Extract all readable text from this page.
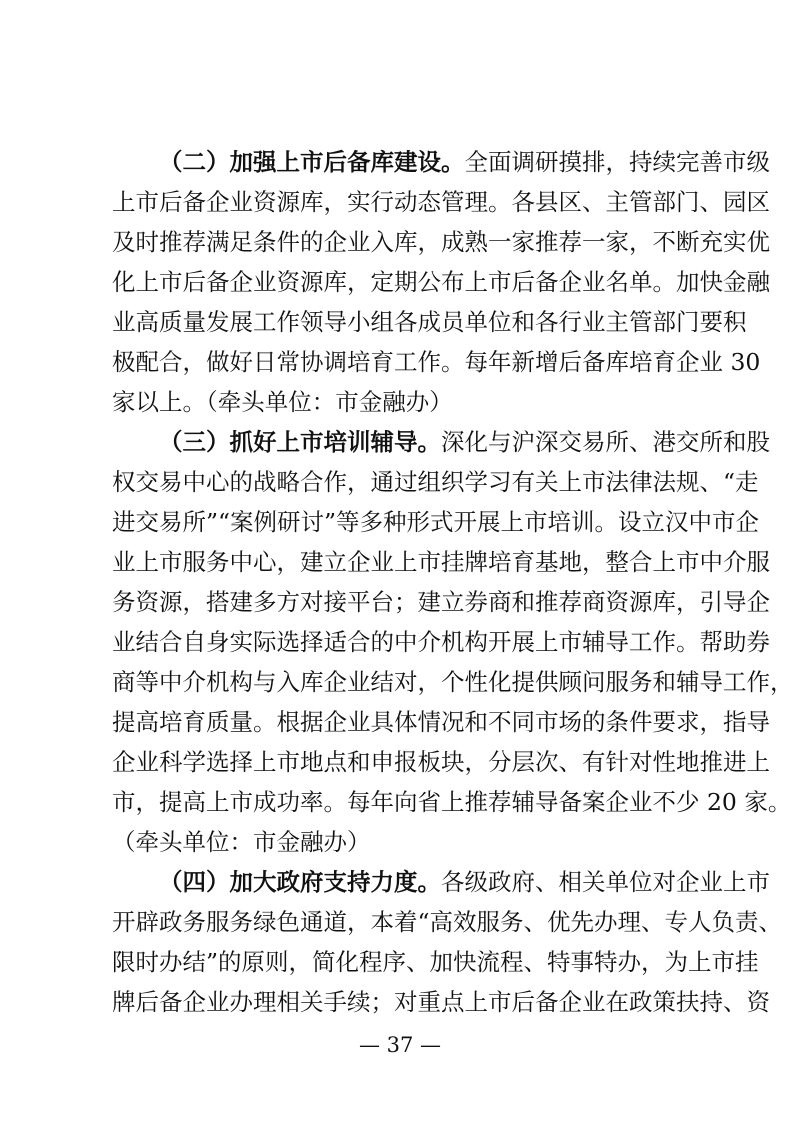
（二）加强上市后备库建设。全面调研摸排，持续完善市级
上市后备企业资源库，实行动态管理。各县区、主管部门、园区
及时推荐满足条件的企业入库，成熟一家推荐一家，不断充实优
化上市后备企业资源库，定期公布上市后备企业名单。加快金融
业高质量发展工作领导小组各成员单位和各行业主管部门要积
极配合，做好日常协调培育工作。每年新增后备库培育企业 30
家以上。（牵头单位：市金融办）
（三）抓好上市培训辅导。深化与沪深交易所、港交所和股
权交易中心的战略合作，通过组织学习有关上市法律法规、“走
进交易所”“案例研讨”等多种形式开展上市培训。设立汉中市企
业上市服务中心，建立企业上市挂牌培育基地，整合上市中介服
务资源，搭建多方对接平台；建立券商和推荐商资源库，引导企
业结合自身实际选择适合的中介机构开展上市辅导工作。帮助券
商等中介机构与入库企业结对，个性化提供顾问服务和辅导工作，
提高培育质量。根据企业具体情况和不同市场的条件要求，指导
企业科学选择上市地点和申报板块，分层次、有针对性地推进上
市，提高上市成功率。每年向省上推荐辅导备案企业不少 20 家。
（牵头单位：市金融办）
（四）加大政府支持力度。各级政府、相关单位对企业上市
开辟政务服务绿色通道，本着“高效服务、优先办理、专人负责、
限时办结”的原则，简化程序、加快流程、特事特办，为上市挂
牌后备企业办理相关手续；对重点上市后备企业在政策扶持、资
— 37 —
